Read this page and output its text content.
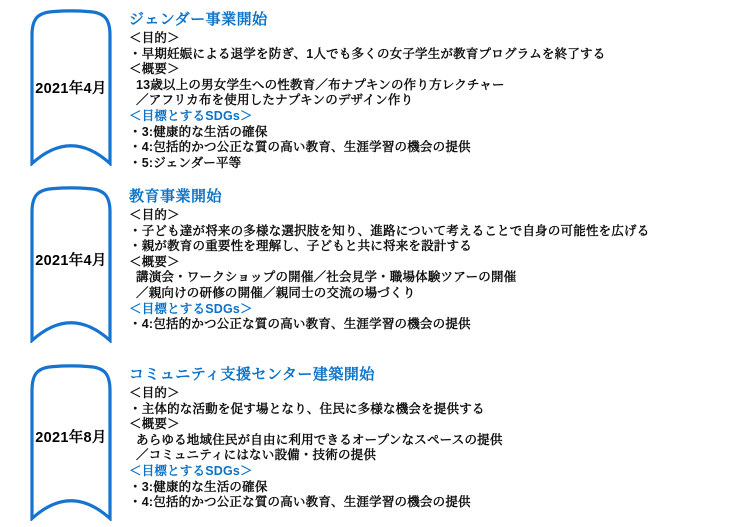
2021年4月
ジェンダー事業開始
＜目的＞
・早期妊娠による退学を防ぎ、1人でも多くの女子学生が教育プログラムを終了する
＜概要＞
13歳以上の男女学生への性教育／布ナプキンの作り方レクチャー
／アフリカ布を使用したナプキンのデザイン作り
＜目標とするSDGs＞
・3:健康的な生活の確保
・4:包括的かつ公正な質の高い教育、生涯学習の機会の提供
・5:ジェンダー平等
2021年4月
教育事業開始
＜目的＞
・子ども達が将来の多様な選択肢を知り、進路について考えることで自身の可能性を広げる
・親が教育の重要性を理解し、子どもと共に将来を設計する
＜概要＞
講演会・ワークショップの開催／社会見学・職場体験ツアーの開催
／親向けの研修の開催／親同士の交流の場づくり
＜目標とするSDGs＞
・4:包括的かつ公正な質の高い教育、生涯学習の機会の提供
2021年8月
コミュニティ支援センター建築開始
＜目的＞
・主体的な活動を促す場となり、住民に多様な機会を提供する
＜概要＞
あらゆる地域住民が自由に利用できるオープンなスペースの提供
／コミュニティにはない設備・技術の提供
＜目標とするSDGs＞
・3:健康的な生活の確保
・4:包括的かつ公正な質の高い教育、生涯学習の機会の提供
